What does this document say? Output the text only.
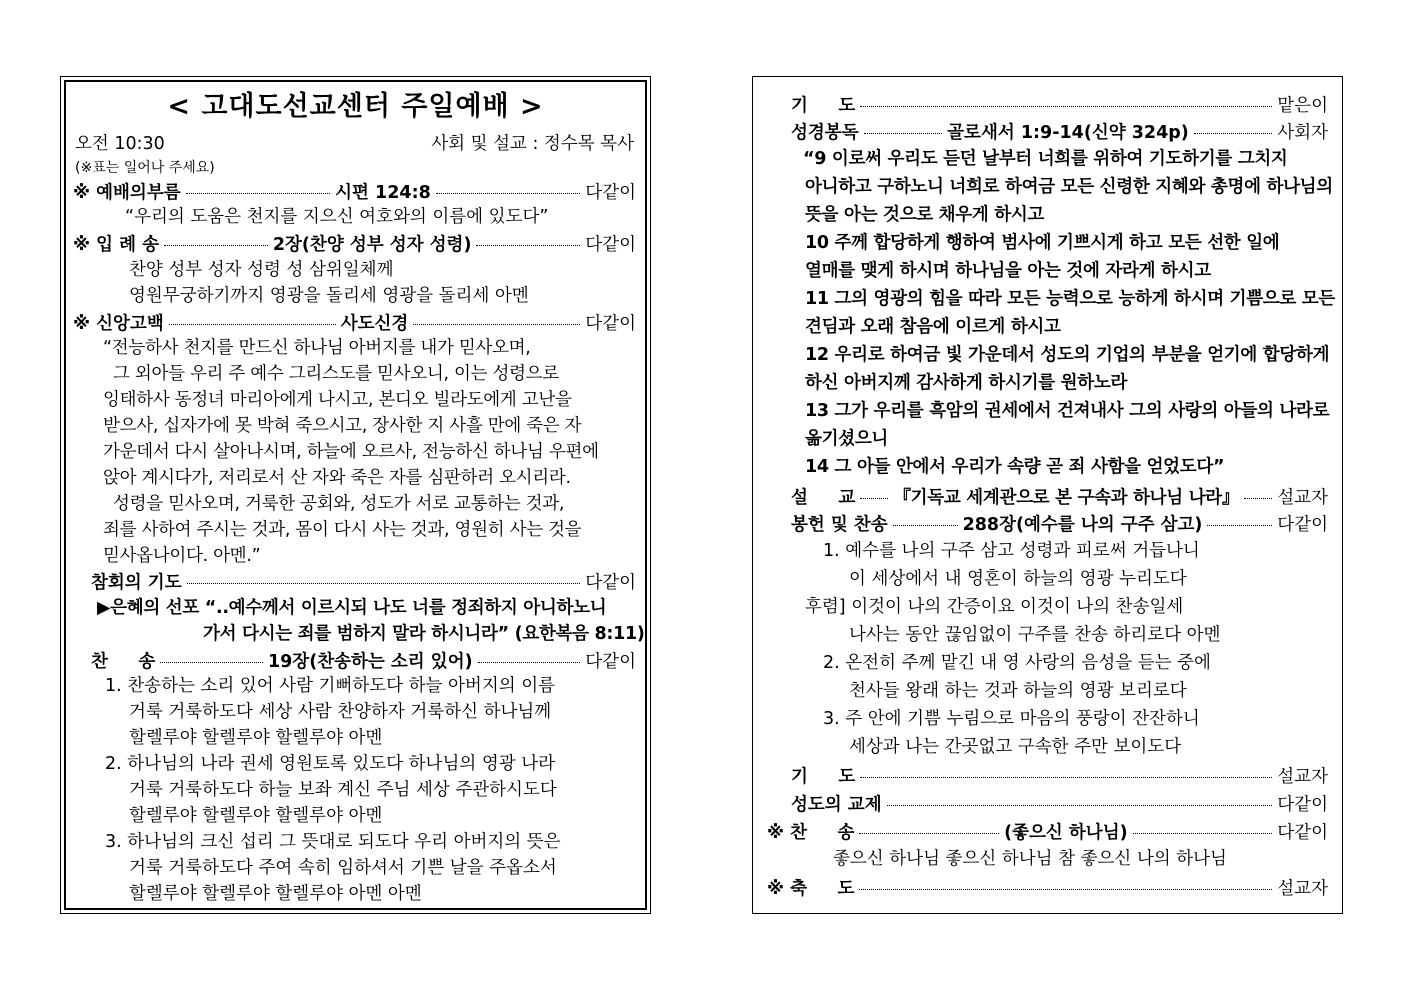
< 고대도선교센터 주일예배 >
오전 10:30	사회 및 설교 : 정수목 목사
(※표는 일어나 주세요)
※ 예배의부름	시편 124:8	다같이
“우리의 도움은 천지를 지으신 여호와의 이름에 있도다”
※ 입 례 송	2장(찬양 성부 성자 성령)	다같이
찬양 성부 성자 성령 성 삼위일체께
영원무궁하기까지 영광을 돌리세 영광을 돌리세 아멘
※ 신앙고백	사도신경	다같이
“전능하사 천지를 만드신 하나님 아버지를 내가 믿사오며,
그 외아들 우리 주 예수 그리스도를 믿사오니, 이는 성령으로
잉태하사 동정녀 마리아에게 나시고, 본디오 빌라도에게 고난을
받으사, 십자가에 못 박혀 죽으시고, 장사한 지 사흘 만에 죽은 자
가운데서 다시 살아나시며, 하늘에 오르사, 전능하신 하나님 우편에
앉아 계시다가, 저리로서 산 자와 죽은 자를 심판하러 오시리라.
성령을 믿사오며, 거룩한 공회와, 성도가 서로 교통하는 것과,
죄를 사하여 주시는 것과, 몸이 다시 사는 것과, 영원히 사는 것을
믿사옵나이다. 아멘.”
참회의 기도	다같이
▶은혜의 선포 “..예수께서 이르시되 나도 너를 정죄하지 아니하노니
가서 다시는 죄를 범하지 말라 하시니라” (요한복음 8:11)
찬     송	19장(찬송하는 소리 있어)	다같이
1. 찬송하는 소리 있어 사람 기뻐하도다 하늘 아버지의 이름
거룩 거룩하도다 세상 사람 찬양하자 거룩하신 하나님께
할렐루야 할렐루야 할렐루야 아멘
2. 하나님의 나라 권세 영원토록 있도다 하나님의 영광 나라
거룩 거룩하도다 하늘 보좌 계신 주님 세상 주관하시도다
할렐루야 할렐루야 할렐루야 아멘
3. 하나님의 크신 섭리 그 뜻대로 되도다 우리 아버지의 뜻은
거룩 거룩하도다 주여 속히 임하셔서 기쁜 날을 주옵소서
할렐루야 할렐루야 할렐루야 아멘 아멘
기     도	맡은이
성경봉독	골로새서 1:9-14(신약 324p)	사회자
“9 이로써 우리도 듣던 날부터 너희를 위하여 기도하기를 그치지
아니하고 구하노니 너희로 하여금 모든 신령한 지혜와 총명에 하나님의
뜻을 아는 것으로 채우게 하시고
10 주께 합당하게 행하여 범사에 기쁘시게 하고 모든 선한 일에
열매를 맺게 하시며 하나님을 아는 것에 자라게 하시고
11 그의 영광의 힘을 따라 모든 능력으로 능하게 하시며 기쁨으로 모든
견딤과 오래 참음에 이르게 하시고
12 우리로 하여금 빛 가운데서 성도의 기업의 부분을 얻기에 합당하게
하신 아버지께 감사하게 하시기를 원하노라
13 그가 우리를 흑암의 권세에서 건져내사 그의 사랑의 아들의 나라로
옮기셨으니
14 그 아들 안에서 우리가 속량 곧 죄 사함을 얻었도다”
설     교 『기독교 세계관으로 본 구속과 하나님 나라』 설교자
봉헌 및 찬송	288장(예수를 나의 구주 삼고)	다같이
1. 예수를 나의 구주 삼고 성령과 피로써 거듭나니
이 세상에서 내 영혼이 하늘의 영광 누리도다
후렴] 이것이 나의 간증이요 이것이 나의 찬송일세
나사는 동안 끊임없이 구주를 찬송 하리로다 아멘
2. 온전히 주께 맡긴 내 영 사랑의 음성을 듣는 중에
천사들 왕래 하는 것과 하늘의 영광 보리로다
3. 주 안에 기쁨 누림으로 마음의 풍랑이 잔잔하니
세상과 나는 간곳없고 구속한 주만 보이도다
기     도	설교자
성도의 교제	다같이
※ 찬     송	(좋으신 하나님)	다같이
좋으신 하나님 좋으신 하나님 참 좋으신 나의 하나님
※ 축     도	설교자
